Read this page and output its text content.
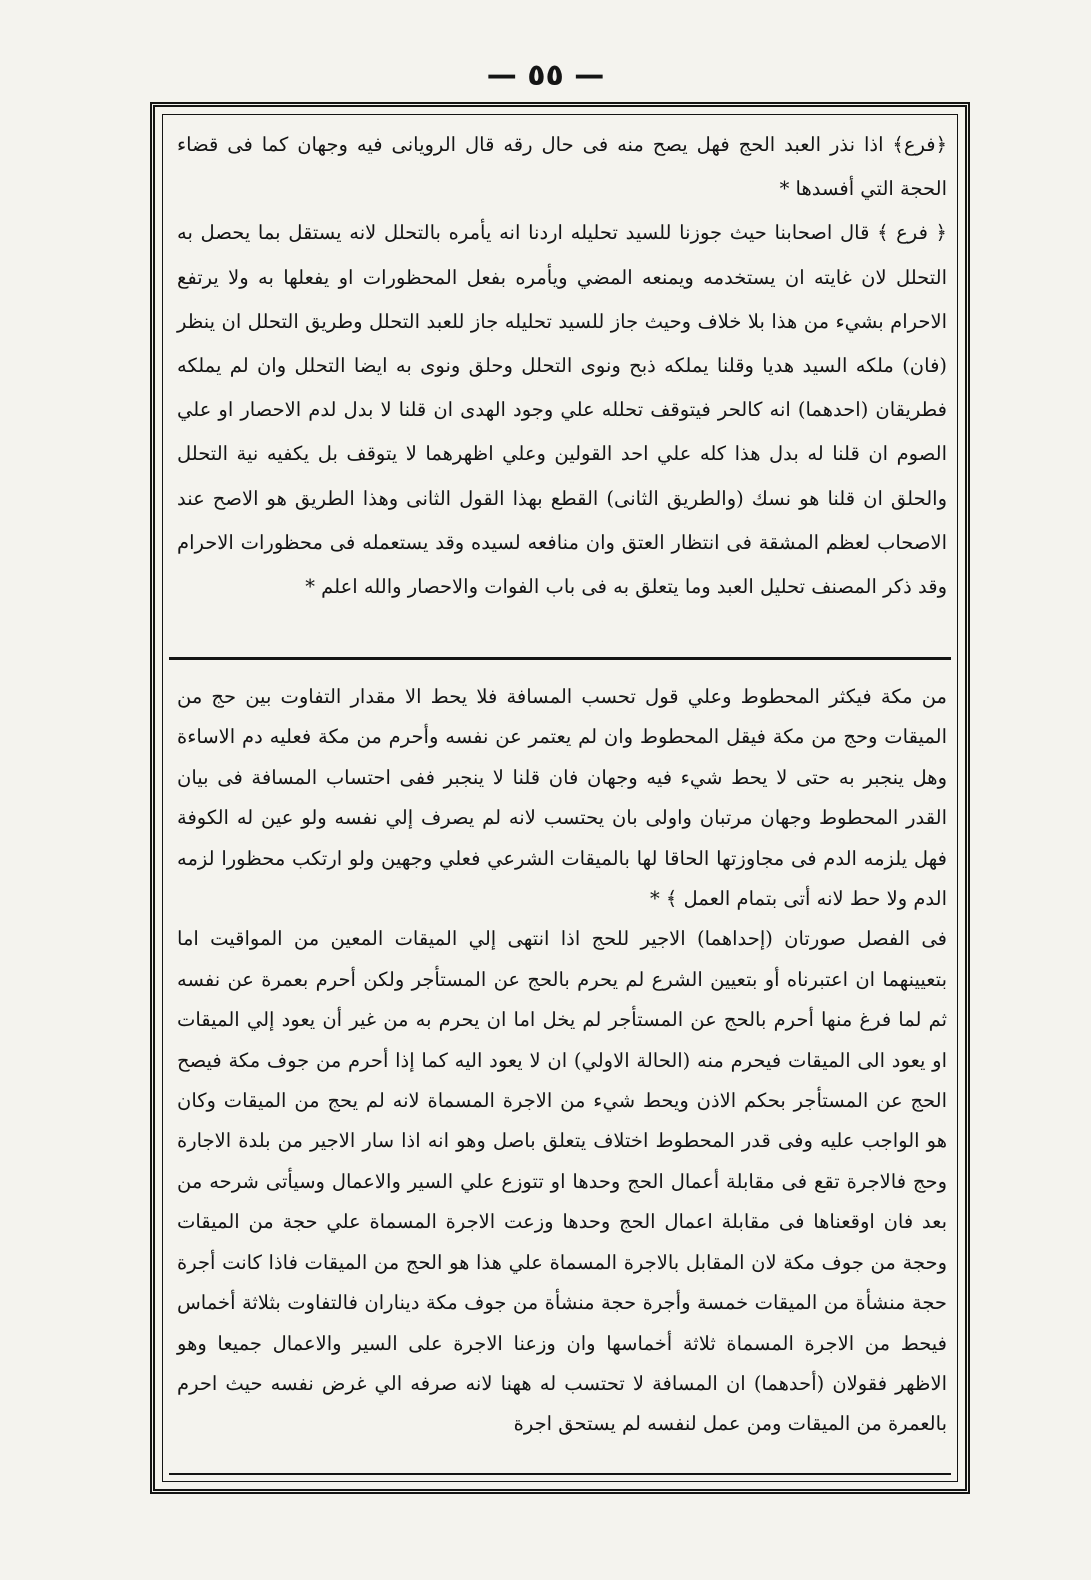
— ٥٥ —

﴿فرع﴾ اذا نذر العبد الحج فهل يصح منه فى حال رقه قال الرويانى فيه وجهان كما فى قضاء الحجة التي أفسدها *

﴿ فرع ﴾ قال اصحابنا حيث جوزنا للسيد تحليله اردنا انه يأمره بالتحلل لانه يستقل بما يحصل به التحلل لان غايته ان يستخدمه ويمنعه المضي ويأمره بفعل المحظورات او يفعلها به ولا يرتفع الاحرام بشيء من هذا بلا خلاف وحيث جاز للسيد تحليله جاز للعبد التحلل وطريق التحلل ان ينظر (فان) ملكه السيد هديا وقلنا يملكه ذبح ونوى التحلل وحلق ونوى به ايضا التحلل وان لم يملكه فطريقان (احدهما) انه كالحر فيتوقف تحلله علي وجود الهدى ان قلنا لا بدل لدم الاحصار او علي الصوم ان قلنا له بدل هذا كله علي احد القولين وعلي اظهرهما لا يتوقف بل يكفيه نية التحلل والحلق ان قلنا هو نسك (والطريق الثانى) القطع بهذا القول الثانى وهذا الطريق هو الاصح عند الاصحاب لعظم المشقة فى انتظار العتق وان منافعه لسيده وقد يستعمله فى محظورات الاحرام وقد ذكر المصنف تحليل العبد وما يتعلق به فى باب الفوات والاحصار والله اعلم *

من مكة فيكثر المحطوط وعلي قول تحسب المسافة فلا يحط الا مقدار التفاوت بين حج من الميقات وحج من مكة فيقل المحطوط وان لم يعتمر عن نفسه وأحرم من مكة فعليه دم الاساءة وهل ينجبر به حتى لا يحط شيء فيه وجهان فان قلنا لا ينجبر ففى احتساب المسافة فى بيان القدر المحطوط وجهان مرتبان واولى بان يحتسب لانه لم يصرف إلي نفسه ولو عين له الكوفة فهل يلزمه الدم فى مجاوزتها الحاقا لها بالميقات الشرعي فعلي وجهين ولو ارتكب محظورا لزمه الدم ولا حط لانه أتى بتمام العمل ﴾ *

فى الفصل صورتان (إحداهما) الاجير للحج اذا انتهى إلي الميقات المعين من المواقيت اما بتعيينهما ان اعتبرناه أو بتعيين الشرع لم يحرم بالحج عن المستأجر ولكن أحرم بعمرة عن نفسه ثم لما فرغ منها أحرم بالحج عن المستأجر لم يخل اما ان يحرم به من غير أن يعود إلي الميقات او يعود الى الميقات فيحرم منه (الحالة الاولي) ان لا يعود اليه كما إذا أحرم من جوف مكة فيصح الحج عن المستأجر بحكم الاذن ويحط شيء من الاجرة المسماة لانه لم يحج من الميقات وكان هو الواجب عليه وفى قدر المحطوط اختلاف يتعلق باصل وهو انه اذا سار الاجير من بلدة الاجارة وحج فالاجرة تقع فى مقابلة أعمال الحج وحدها او تتوزع علي السير والاعمال وسيأتى شرحه من بعد فان اوقعناها فى مقابلة اعمال الحج وحدها وزعت الاجرة المسماة علي حجة من الميقات وحجة من جوف مكة لان المقابل بالاجرة المسماة علي هذا هو الحج من الميقات فاذا كانت أجرة حجة منشأة من الميقات خمسة وأجرة حجة منشأة من جوف مكة ديناران فالتفاوت بثلاثة أخماس فيحط من الاجرة المسماة ثلاثة أخماسها وان وزعنا الاجرة على السير والاعمال جميعا وهو الاظهر فقولان (أحدهما) ان المسافة لا تحتسب له ههنا لانه صرفه الي غرض نفسه حيث احرم بالعمرة من الميقات ومن عمل لنفسه لم يستحق اجرة
